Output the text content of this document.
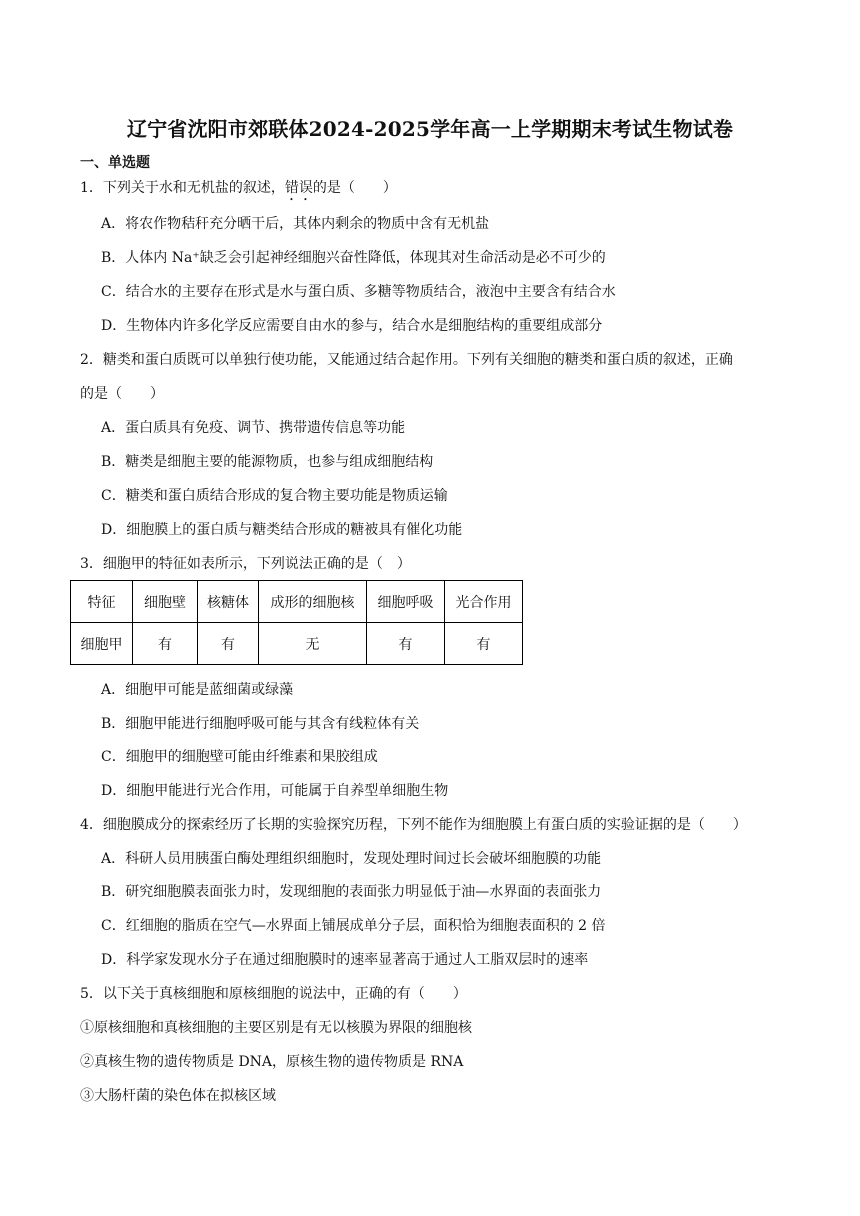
辽宁省沈阳市郊联体2024-2025学年高一上学期期末考试生物试卷
一、单选题
1．下列关于水和无机盐的叙述，错误的是（　　）
A．将农作物秸秆充分晒干后，其体内剩余的物质中含有无机盐
B．人体内 Na⁺缺乏会引起神经细胞兴奋性降低，体现其对生命活动是必不可少的
C．结合水的主要存在形式是水与蛋白质、多糖等物质结合，液泡中主要含有结合水
D．生物体内许多化学反应需要自由水的参与，结合水是细胞结构的重要组成部分
2．糖类和蛋白质既可以单独行使功能，又能通过结合起作用。下列有关细胞的糖类和蛋白质的叙述，正确
的是（　　）
A．蛋白质具有免疫、调节、携带遗传信息等功能
B．糖类是细胞主要的能源物质，也参与组成细胞结构
C．糖类和蛋白质结合形成的复合物主要功能是物质运输
D．细胞膜上的蛋白质与糖类结合形成的糖被具有催化功能
3．细胞甲的特征如表所示，下列说法正确的是（　）
特征	细胞壁	核糖体	成形的细胞核	细胞呼吸	光合作用
细胞甲	有	有	无	有	有
A．细胞甲可能是蓝细菌或绿藻
B．细胞甲能进行细胞呼吸可能与其含有线粒体有关
C．细胞甲的细胞壁可能由纤维素和果胶组成
D．细胞甲能进行光合作用，可能属于自养型单细胞生物
4．细胞膜成分的探索经历了长期的实验探究历程，下列不能作为细胞膜上有蛋白质的实验证据的是（　　）
A．科研人员用胰蛋白酶处理组织细胞时，发现处理时间过长会破坏细胞膜的功能
B．研究细胞膜表面张力时，发现细胞的表面张力明显低于油—水界面的表面张力
C．红细胞的脂质在空气—水界面上铺展成单分子层，面积恰为细胞表面积的 2 倍
D．科学家发现水分子在通过细胞膜时的速率显著高于通过人工脂双层时的速率
5．以下关于真核细胞和原核细胞的说法中，正确的有（　　）
①原核细胞和真核细胞的主要区别是有无以核膜为界限的细胞核
②真核生物的遗传物质是 DNA，原核生物的遗传物质是 RNA
③大肠杆菌的染色体在拟核区域
